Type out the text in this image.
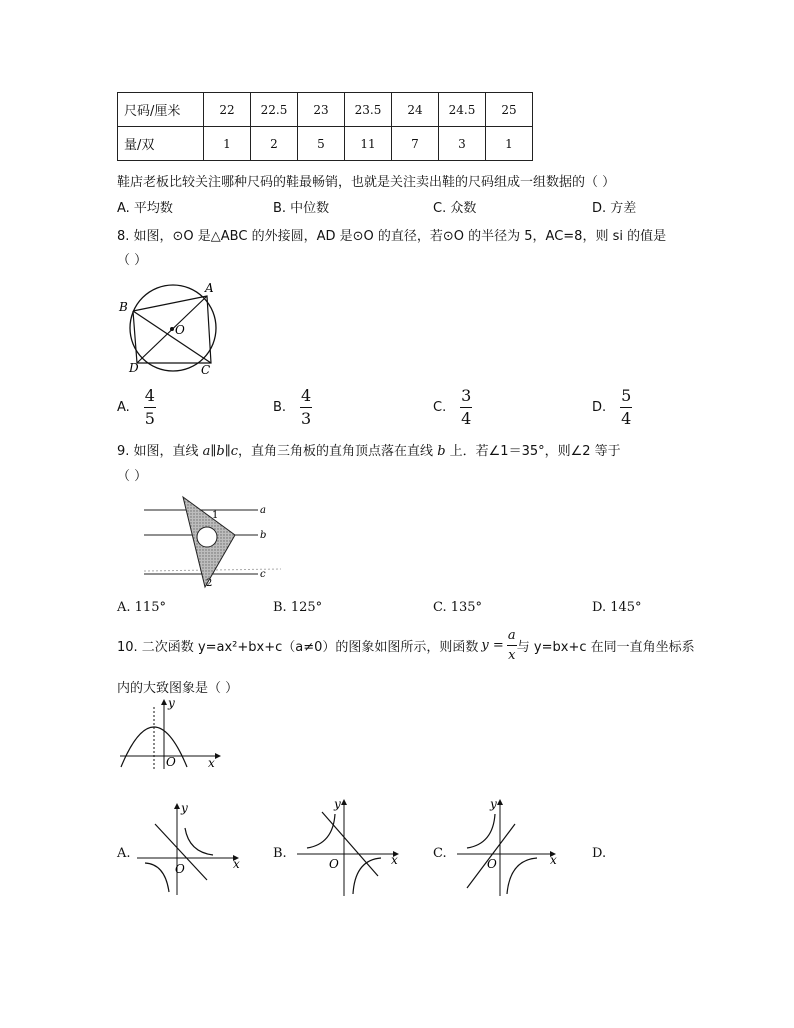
尺码/厘米	22	22.5	23	23.5	24	24.5	25
量/双	1	2	5	11	7	3	1
鞋店老板比较关注哪种尺码的鞋最畅销，也就是关注卖出鞋的尺码组成一组数据的（ ）
A. 平均数	B. 中位数	C. 众数	D. 方差
8. 如图，⊙O 是△ABC 的外接圆，AD 是⊙O 的直径，若⊙O 的半径为 5，AC=8，则 si 的值是
（ ）
B
A
O
D	C
A. $\frac{4}{5}$	B. $\frac{4}{3}$	C. $\frac{3}{4}$	D. $\frac{5}{4}$
9. 如图，直线 a∥b∥c，直角三角板的直角顶点落在直线 b 上．若∠1＝35°，则∠2 等于
（ ）
a
b
c
1
2
A. 115°	B. 125°	C. 135°	D. 145°
10. 二次函数 y=ax²+bx+c（a≠0）的图象如图所示，则函数 $y = \frac{a}{x}$ 与 y=bx+c 在同一直角坐标系
内的大致图象是（ ）
y
x
O
A.
y
x
O
B.
y
x
O
C.
y
x
O
D.
